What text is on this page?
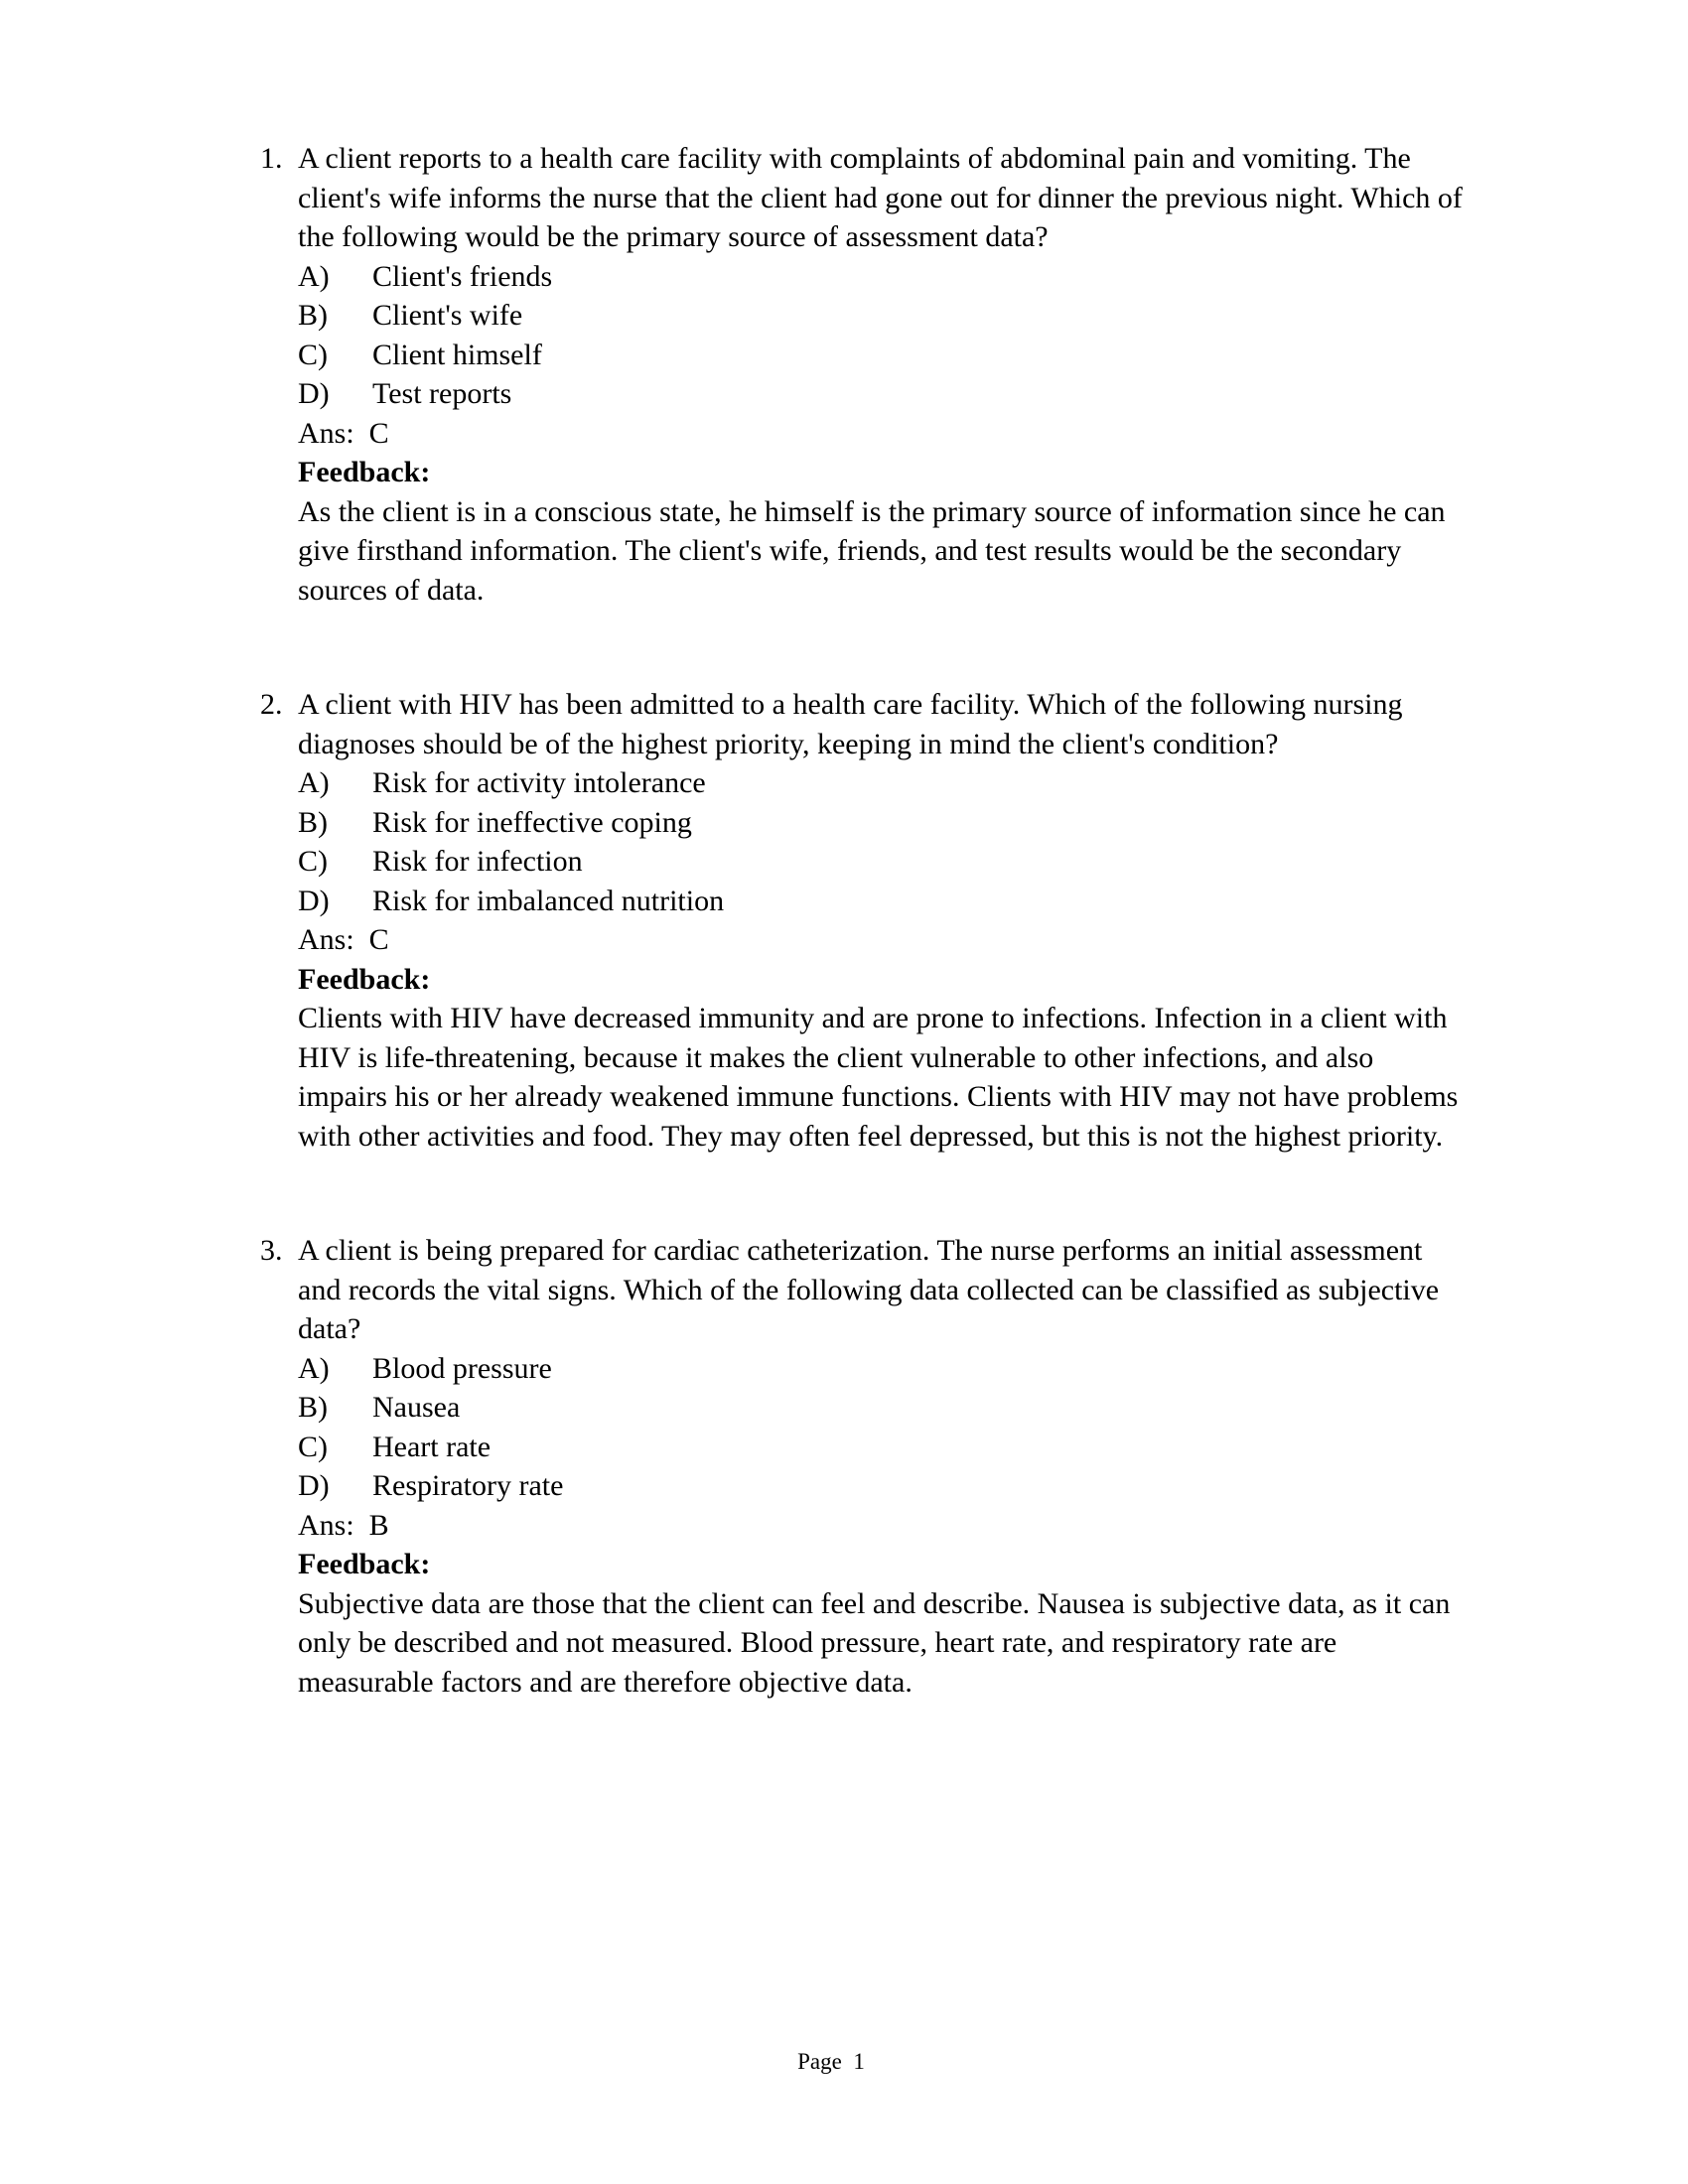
1. A client reports to a health care facility with complaints of abdominal pain and vomiting. The client's wife informs the nurse that the client had gone out for dinner the previous night. Which of the following would be the primary source of assessment data?
A)	Client's friends
B)	Client's wife
C)	Client himself
D)	Test reports
Ans:  C
Feedback:
As the client is in a conscious state, he himself is the primary source of information since he can give firsthand information. The client's wife, friends, and test results would be the secondary sources of data.
2. A client with HIV has been admitted to a health care facility. Which of the following nursing diagnoses should be of the highest priority, keeping in mind the client's condition?
A)	Risk for activity intolerance
B)	Risk for ineffective coping
C)	Risk for infection
D)	Risk for imbalanced nutrition
Ans:  C
Feedback:
Clients with HIV have decreased immunity and are prone to infections. Infection in a client with HIV is life-threatening, because it makes the client vulnerable to other infections, and also impairs his or her already weakened immune functions. Clients with HIV may not have problems with other activities and food. They may often feel depressed, but this is not the highest priority.
3. A client is being prepared for cardiac catheterization. The nurse performs an initial assessment and records the vital signs. Which of the following data collected can be classified as subjective data?
A)	Blood pressure
B)	Nausea
C)	Heart rate
D)	Respiratory rate
Ans:  B
Feedback:
Subjective data are those that the client can feel and describe. Nausea is subjective data, as it can only be described and not measured. Blood pressure, heart rate, and respiratory rate are measurable factors and are therefore objective data.
Page  1
